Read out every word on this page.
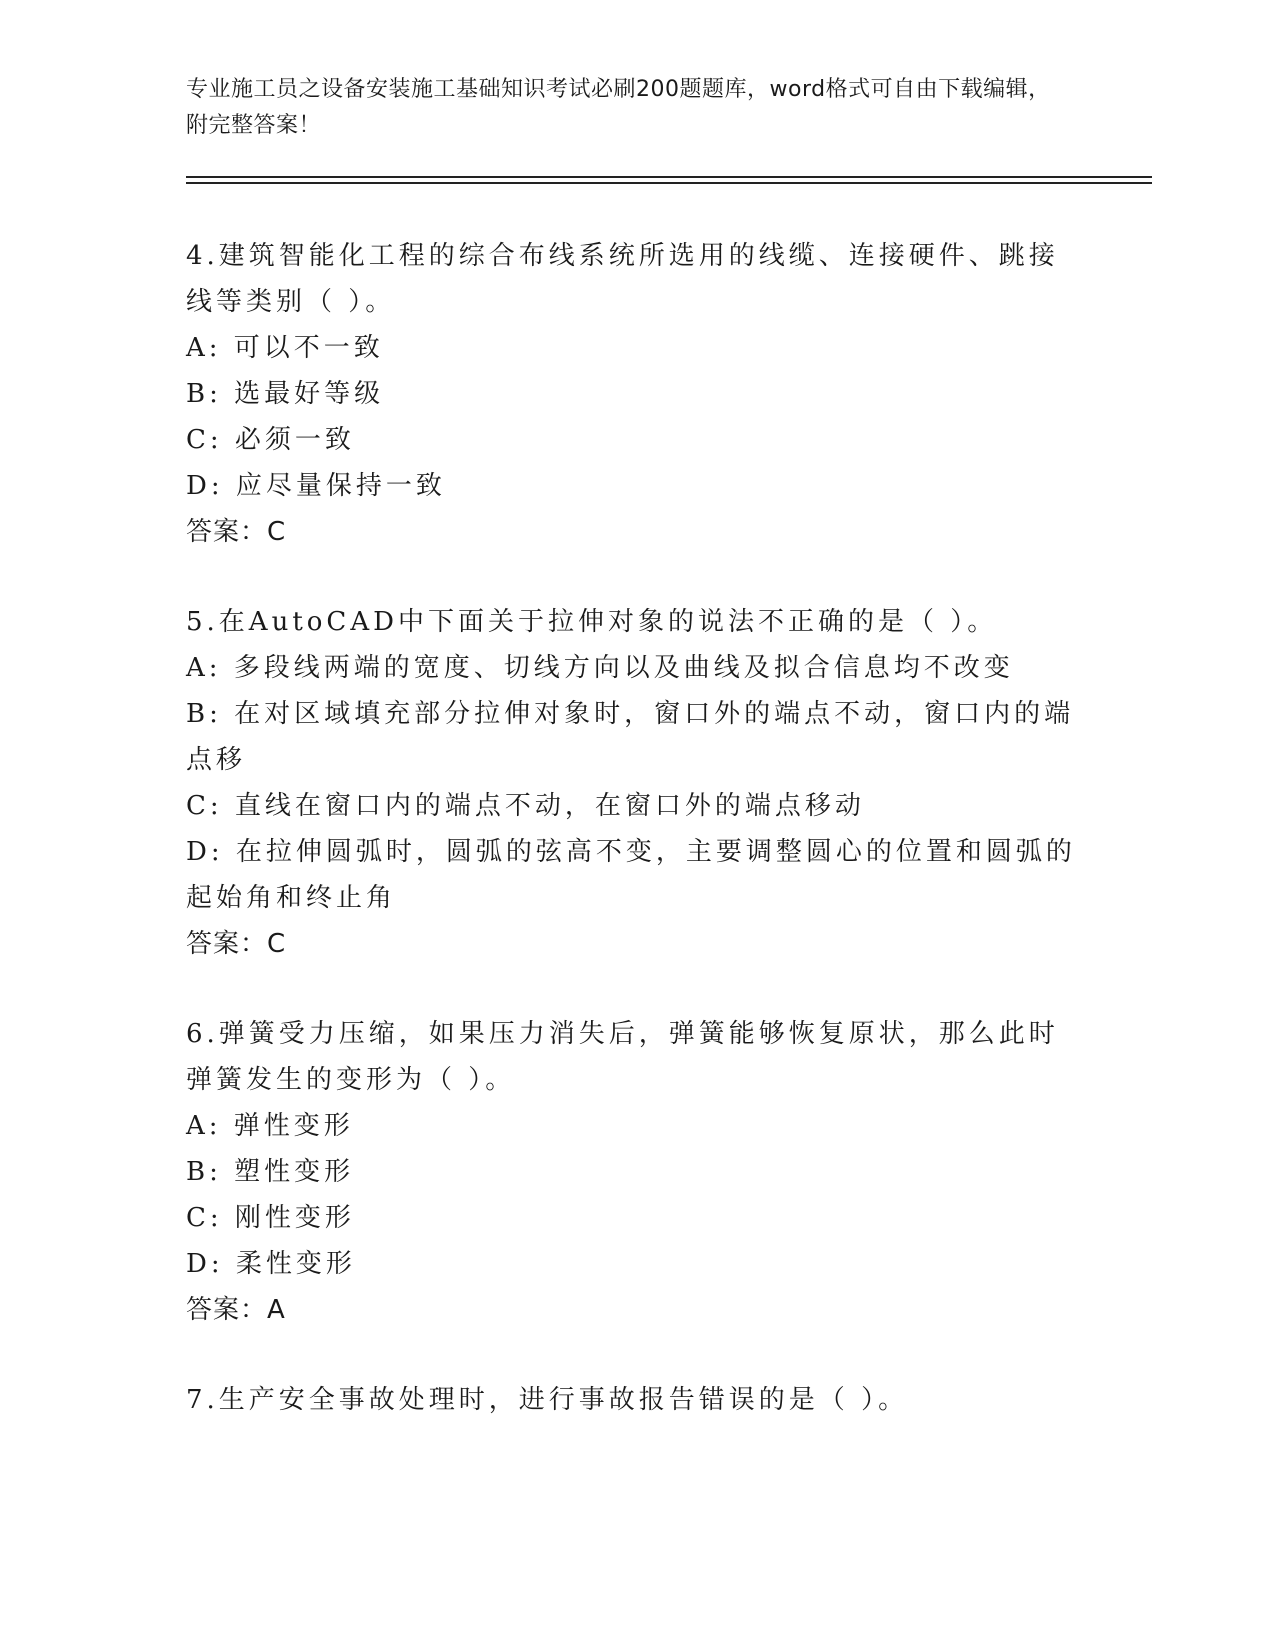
专业施工员之设备安装施工基础知识考试必刷200题题库，word格式可自由下载编辑，附完整答案！
4.建筑智能化工程的综合布线系统所选用的线缆、连接硬件、跳接线等类别（ ）。
A: 可以不一致
B: 选最好等级
C: 必须一致
D: 应尽量保持一致
答案：C
5.在AutoCAD中下面关于拉伸对象的说法不正确的是（ ）。
A: 多段线两端的宽度、切线方向以及曲线及拟合信息均不改变
B: 在对区域填充部分拉伸对象时，窗口外的端点不动，窗口内的端点移
C: 直线在窗口内的端点不动，在窗口外的端点移动
D: 在拉伸圆弧时，圆弧的弦高不变，主要调整圆心的位置和圆弧的起始角和终止角
答案：C
6.弹簧受力压缩，如果压力消失后，弹簧能够恢复原状，那么此时弹簧发生的变形为（ ）。
A: 弹性变形
B: 塑性变形
C: 刚性变形
D: 柔性变形
答案：A
7.生产安全事故处理时，进行事故报告错误的是（ ）。
